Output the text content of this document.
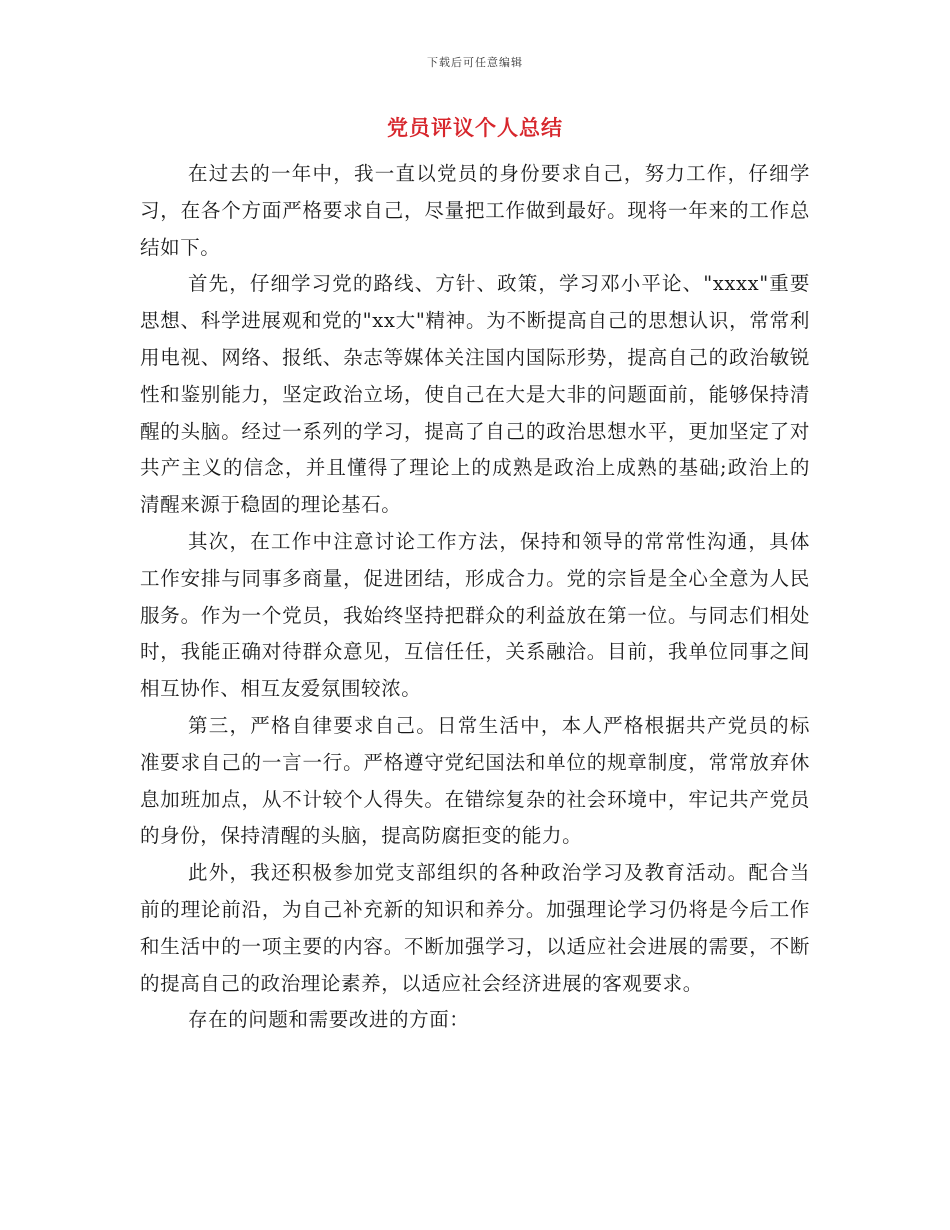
下载后可任意编辑
党员评议个人总结

在过去的一年中，我一直以党员的身份要求自己，努力工作，仔细学习，在各个方面严格要求自己，尽量把工作做到最好。现将一年来的工作总结如下。

首先，仔细学习党的路线、方针、政策，学习邓小平论、"xxxx"重要思想、科学进展观和党的"xx大"精神。为不断提高自己的思想认识，常常利用电视、网络、报纸、杂志等媒体关注国内国际形势，提高自己的政治敏锐性和鉴别能力，坚定政治立场，使自己在大是大非的问题面前，能够保持清醒的头脑。经过一系列的学习，提高了自己的政治思想水平，更加坚定了对共产主义的信念，并且懂得了理论上的成熟是政治上成熟的基础;政治上的清醒来源于稳固的理论基石。

其次，在工作中注意讨论工作方法，保持和领导的常常性沟通，具体工作安排与同事多商量，促进团结，形成合力。党的宗旨是全心全意为人民服务。作为一个党员，我始终坚持把群众的利益放在第一位。与同志们相处时，我能正确对待群众意见，互信任任，关系融洽。目前，我单位同事之间相互协作、相互友爱氛围较浓。

第三，严格自律要求自己。日常生活中，本人严格根据共产党员的标准要求自己的一言一行。严格遵守党纪国法和单位的规章制度，常常放弃休息加班加点，从不计较个人得失。在错综复杂的社会环境中，牢记共产党员的身份，保持清醒的头脑，提高防腐拒变的能力。

此外，我还积极参加党支部组织的各种政治学习及教育活动。配合当前的理论前沿，为自己补充新的知识和养分。加强理论学习仍将是今后工作和生活中的一项主要的内容。不断加强学习，以适应社会进展的需要，不断的提高自己的政治理论素养，以适应社会经济进展的客观要求。

存在的问题和需要改进的方面：
